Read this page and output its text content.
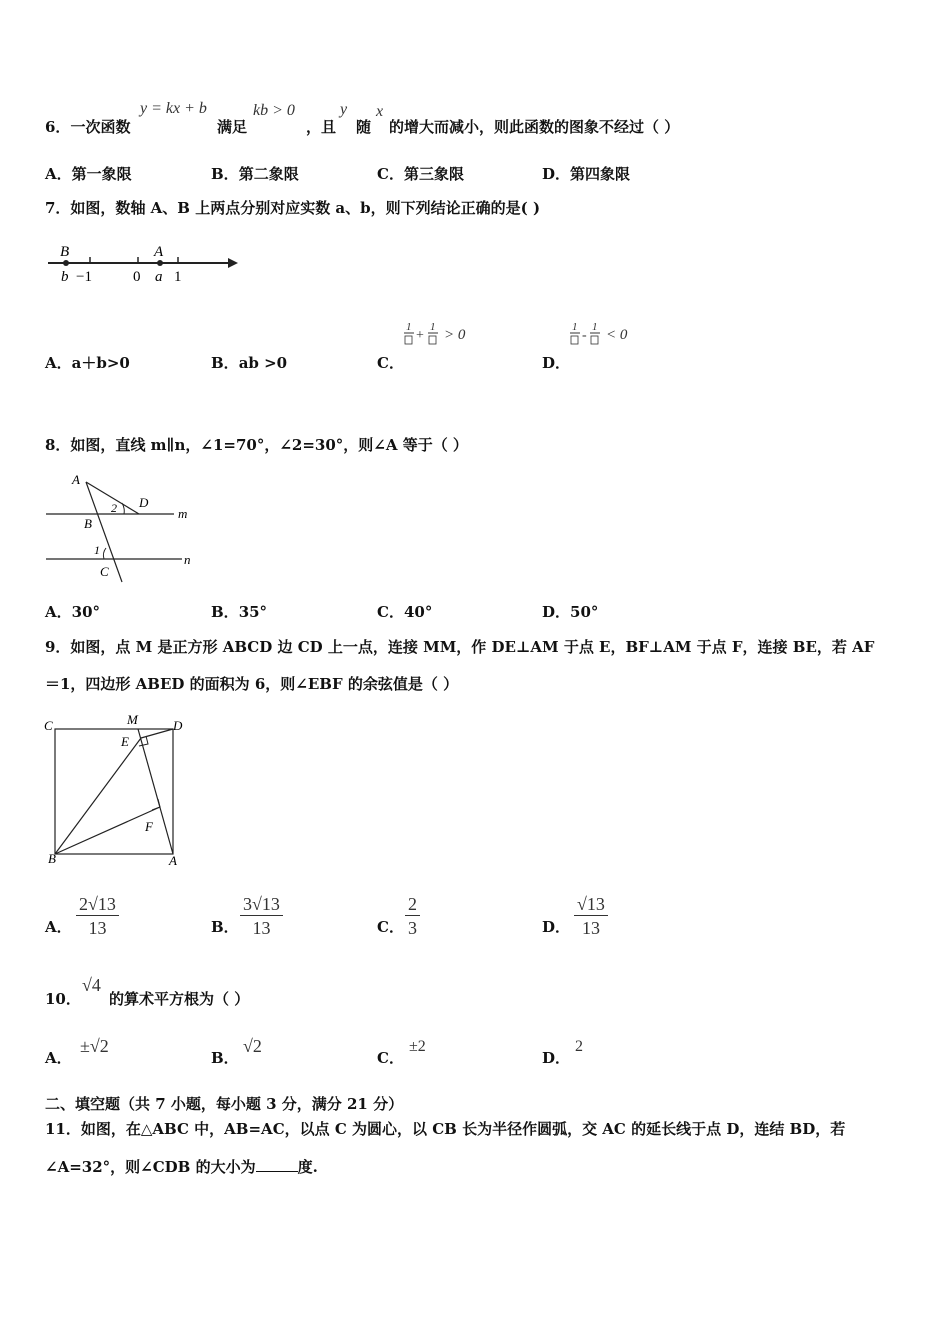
6．一次函数
y = kx + b
满足
kb > 0
，且
y
随
x
的增大而减小，则此函数的图象不经过（ ）
A．第一象限	B．第二象限	C．第三象限	D．第四象限
7．如图，数轴 A、B 上两点分别对应实数 a、b，则下列结论正确的是( )
B	A
b −1	0 a 1
A．a＋b>0	B．ab >0	C．
1
+
1 > 0
D．
1
-
1 < 0
8．如图，直线 m∥n，∠1=70°，∠2=30°，则∠A 等于（ ）
A
D
2	m
B
1
n
C
A．30°	B．35°	C．40°	D．50°
9．如图，点 M 是正方形 ABCD 边 CD 上一点，连接 MM，作 DE⊥AM 于点 E，BF⊥AM 于点 F，连接 BE，若 AF
＝1，四边形 ABED 的面积为 6，则∠EBF 的余弦值是（ ）
C	M	D
E
F
B	A
A． $\frac{2√13}{13}$	B． $\frac{3√13}{13}$	C． $\frac{2}{3}$	D． $\frac{√13}{13}$
10．
√4
的算术平方根为（ ）
A．
±√2
B．
√2
C．
±2
D．
2
二、填空题（共 7 小题，每小题 3 分，满分 21 分）
11．如图，在△ABC 中，AB=AC，以点 C 为圆心，以 CB 长为半径作圆弧，交 AC 的延长线于点 D，连结 BD，若
∠A=32°，则∠CDB 的大小为	度.
